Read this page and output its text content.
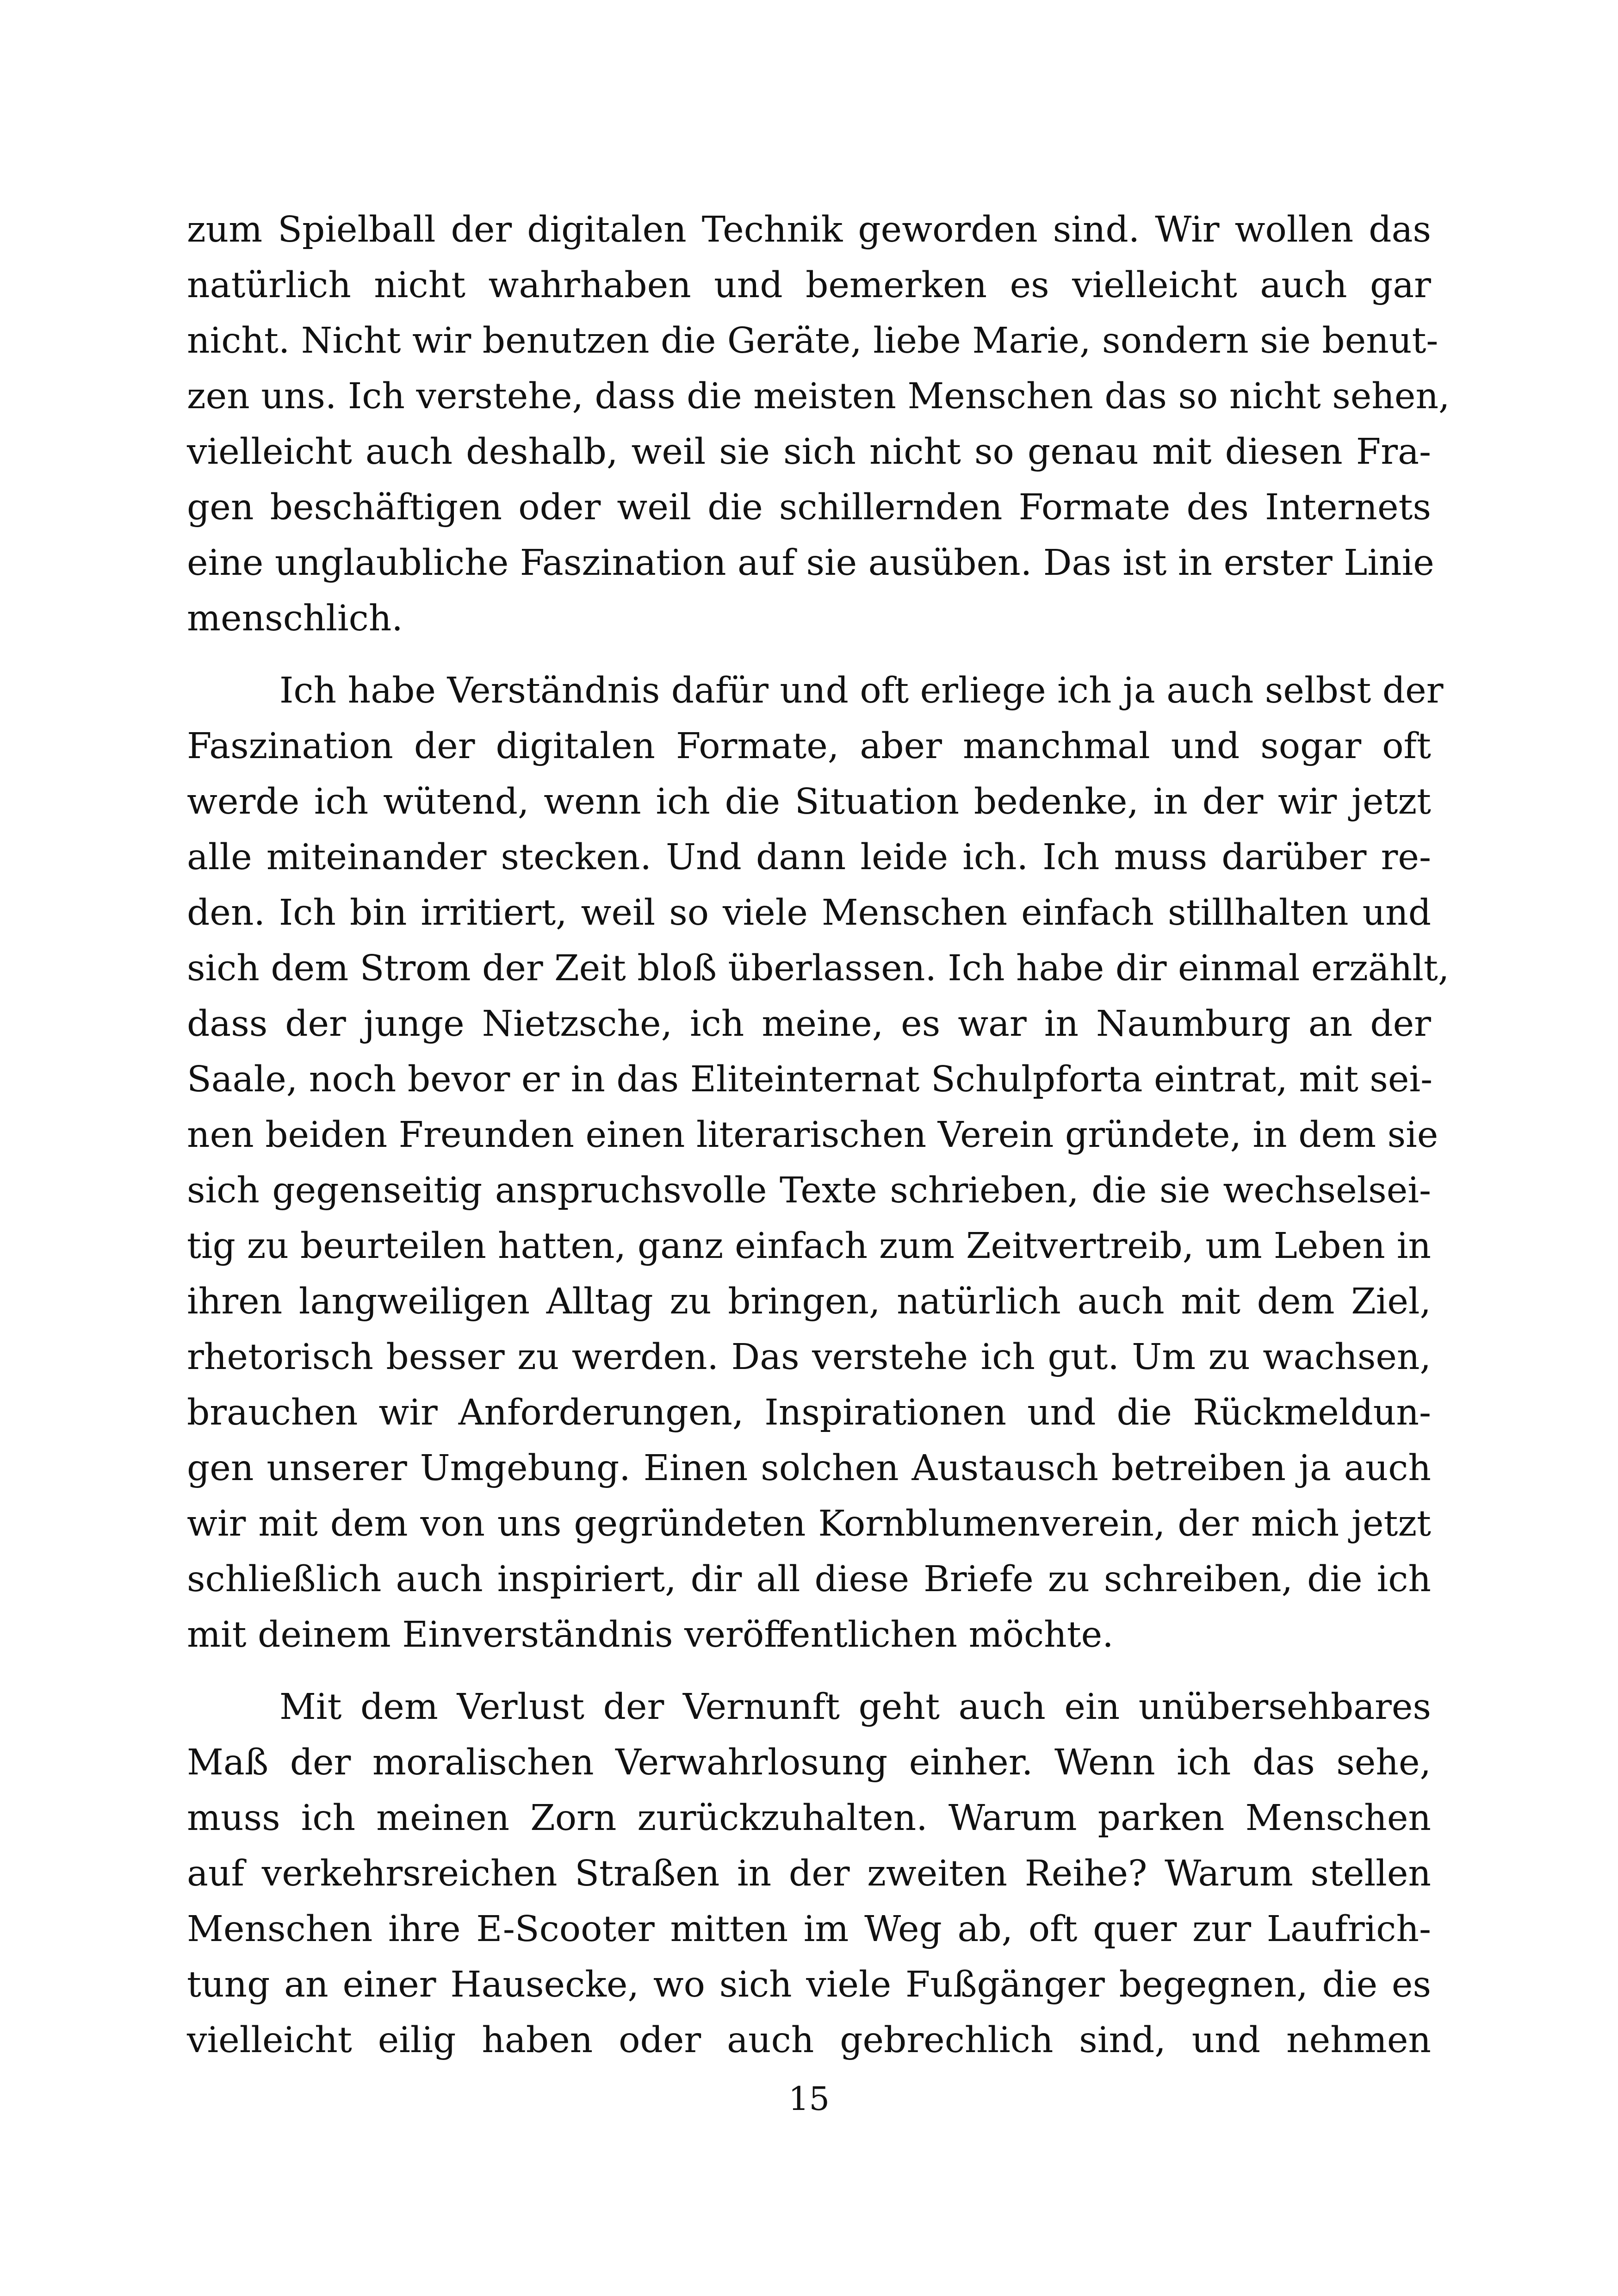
zum Spielball der digitalen Technik geworden sind. Wir wollen das
natürlich nicht wahrhaben und bemerken es vielleicht auch gar
nicht. Nicht wir benutzen die Geräte, liebe Marie, sondern sie benut-
zen uns. Ich verstehe, dass die meisten Menschen das so nicht sehen,
vielleicht auch deshalb, weil sie sich nicht so genau mit diesen Fra-
gen beschäftigen oder weil die schillernden Formate des Internets
eine unglaubliche Faszination auf sie ausüben. Das ist in erster Linie
menschlich.
Ich habe Verständnis dafür und oft erliege ich ja auch selbst der
Faszination der digitalen Formate, aber manchmal und sogar oft
werde ich wütend, wenn ich die Situation bedenke, in der wir jetzt
alle miteinander stecken. Und dann leide ich. Ich muss darüber re-
den. Ich bin irritiert, weil so viele Menschen einfach stillhalten und
sich dem Strom der Zeit bloß überlassen. Ich habe dir einmal erzählt,
dass der junge Nietzsche, ich meine, es war in Naumburg an der
Saale, noch bevor er in das Eliteinternat Schulpforta eintrat, mit sei-
nen beiden Freunden einen literarischen Verein gründete, in dem sie
sich gegenseitig anspruchsvolle Texte schrieben, die sie wechselsei-
tig zu beurteilen hatten, ganz einfach zum Zeitvertreib, um Leben in
ihren langweiligen Alltag zu bringen, natürlich auch mit dem Ziel,
rhetorisch besser zu werden. Das verstehe ich gut. Um zu wachsen,
brauchen wir Anforderungen, Inspirationen und die Rückmeldun-
gen unserer Umgebung. Einen solchen Austausch betreiben ja auch
wir mit dem von uns gegründeten Kornblumenverein, der mich jetzt
schließlich auch inspiriert, dir all diese Briefe zu schreiben, die ich
mit deinem Einverständnis veröffentlichen möchte.
Mit dem Verlust der Vernunft geht auch ein unübersehbares
Maß der moralischen Verwahrlosung einher. Wenn ich das sehe,
muss ich meinen Zorn zurückzuhalten. Warum parken Menschen
auf verkehrsreichen Straßen in der zweiten Reihe? Warum stellen
Menschen ihre E-Scooter mitten im Weg ab, oft quer zur Laufrich-
tung an einer Hausecke, wo sich viele Fußgänger begegnen, die es
vielleicht eilig haben oder auch gebrechlich sind, und nehmen
15
